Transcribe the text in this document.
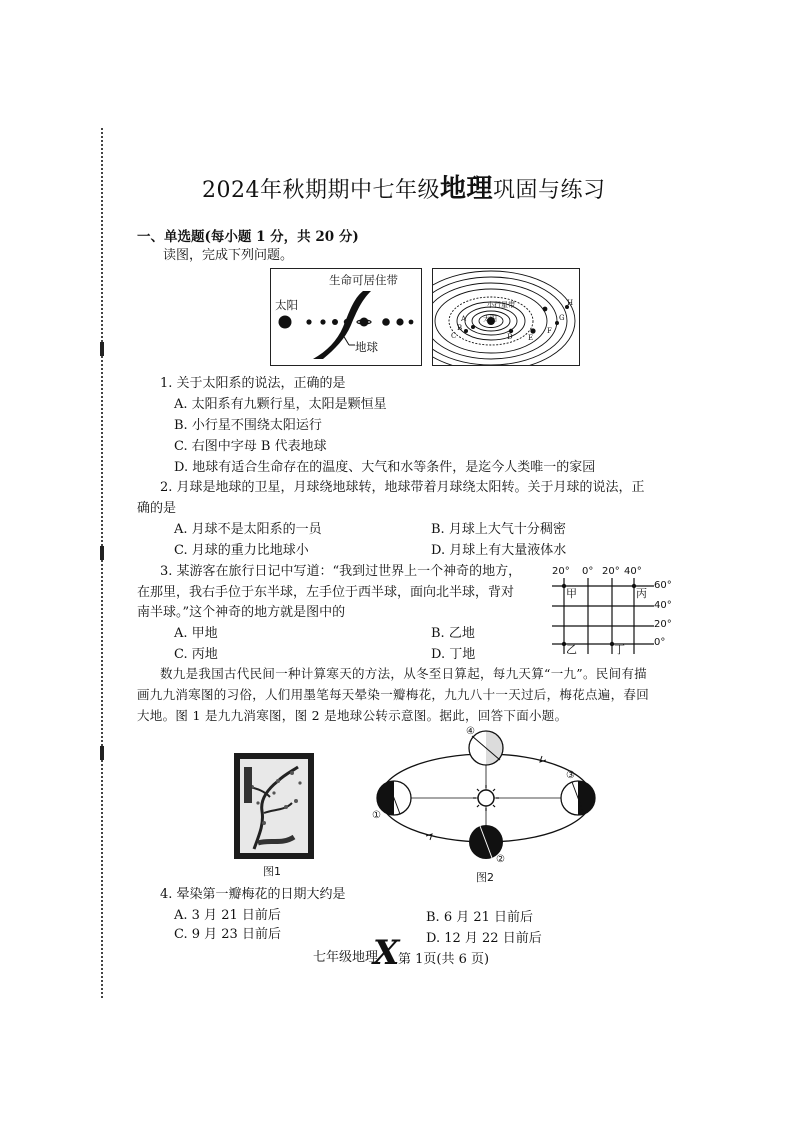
2024年秋期期中七年级地理巩固与练习
一、单选题(每小题 1 分，共 20 分)
读图，完成下列问题。
生命可居住带
太阳
地球
小行星带
太阳
A
B
C	D E
F
G
H
1. 关于太阳系的说法，正确的是
A. 太阳系有九颗行星，太阳是颗恒星
B. 小行星不围绕太阳运行
C. 右图中字母 B 代表地球
D. 地球有适合生命存在的温度、大气和水等条件，是迄今人类唯一的家园
2. 月球是地球的卫星，月球绕地球转，地球带着月球绕太阳转。关于月球的说法，正
确的是
A. 月球不是太阳系的一员	B. 月球上大气十分稠密
C. 月球的重力比地球小	D. 月球上有大量液体水
3. 某游客在旅行日记中写道：“我到过世界上一个神奇的地方，
在那里，我右手位于东半球，左手位于西半球，面向北半球，背对
南半球。”这个神奇的地方就是图中的
A. 甲地	B. 乙地
C. 丙地	D. 丁地
20° 0° 20° 40°
60°
40°
20°
0°
甲	丙
乙	丁
数九是我国古代民间一种计算寒天的方法，从冬至日算起，每九天算“一九”。民间有描
画九九消寒图的习俗，人们用墨笔每天晕染一瓣梅花，九九八十一天过后，梅花点遍，春回
大地。图 1 是九九消寒图，图 2 是地球公转示意图。据此，回答下面小题。
图1
①
②
③
④
图2
4. 晕染第一瓣梅花的日期大约是
A. 3 月 21 日前后	B. 6 月 21 日前后
C. 9 月 23 日前后	D. 12 月 22 日前后
七年级地理
X
第 1页(共 6 页)
